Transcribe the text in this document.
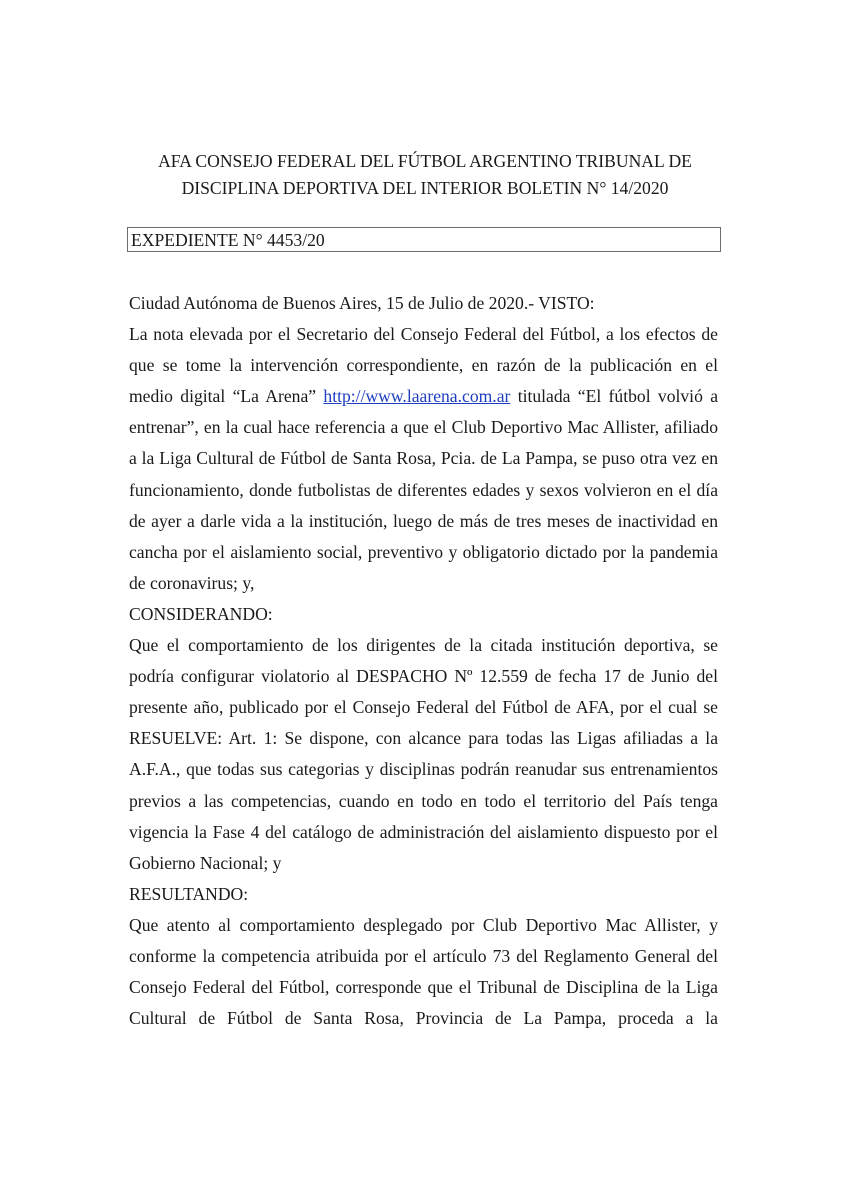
AFA CONSEJO FEDERAL DEL FÚTBOL ARGENTINO TRIBUNAL DE
DISCIPLINA DEPORTIVA DEL INTERIOR BOLETIN N° 14/2020
EXPEDIENTE N° 4453/20
Ciudad Autónoma de Buenos Aires, 15 de Julio de 2020.- VISTO:
La nota elevada por el Secretario del Consejo Federal del Fútbol, a los efectos de
que se tome la intervención correspondiente, en razón de la publicación en el
medio digital “La Arena” http://www.laarena.com.ar titulada “El fútbol volvió a
entrenar”, en la cual hace referencia a que el Club Deportivo Mac Allister, afiliado
a la Liga Cultural de Fútbol de Santa Rosa, Pcia. de La Pampa, se puso otra vez en
funcionamiento, donde futbolistas de diferentes edades y sexos volvieron en el día
de ayer a darle vida a la institución, luego de más de tres meses de inactividad en
cancha por el aislamiento social, preventivo y obligatorio dictado por la pandemia
de coronavirus; y,
CONSIDERANDO:
Que el comportamiento de los dirigentes de la citada institución deportiva, se
podría configurar violatorio al DESPACHO Nº 12.559 de fecha 17 de Junio del
presente año, publicado por el Consejo Federal del Fútbol de AFA, por el cual se
RESUELVE: Art. 1: Se dispone, con alcance para todas las Ligas afiliadas a la
A.F.A., que todas sus categorias y disciplinas podrán reanudar sus entrenamientos
previos a las competencias, cuando en todo en todo el territorio del País tenga
vigencia la Fase 4 del catálogo de administración del aislamiento dispuesto por el
Gobierno Nacional; y
RESULTANDO:
Que atento al comportamiento desplegado por Club Deportivo Mac Allister, y
conforme la competencia atribuida por el artículo 73 del Reglamento General del
Consejo Federal del Fútbol, corresponde que el Tribunal de Disciplina de la Liga
Cultural de Fútbol de Santa Rosa, Provincia de La Pampa, proceda a la
